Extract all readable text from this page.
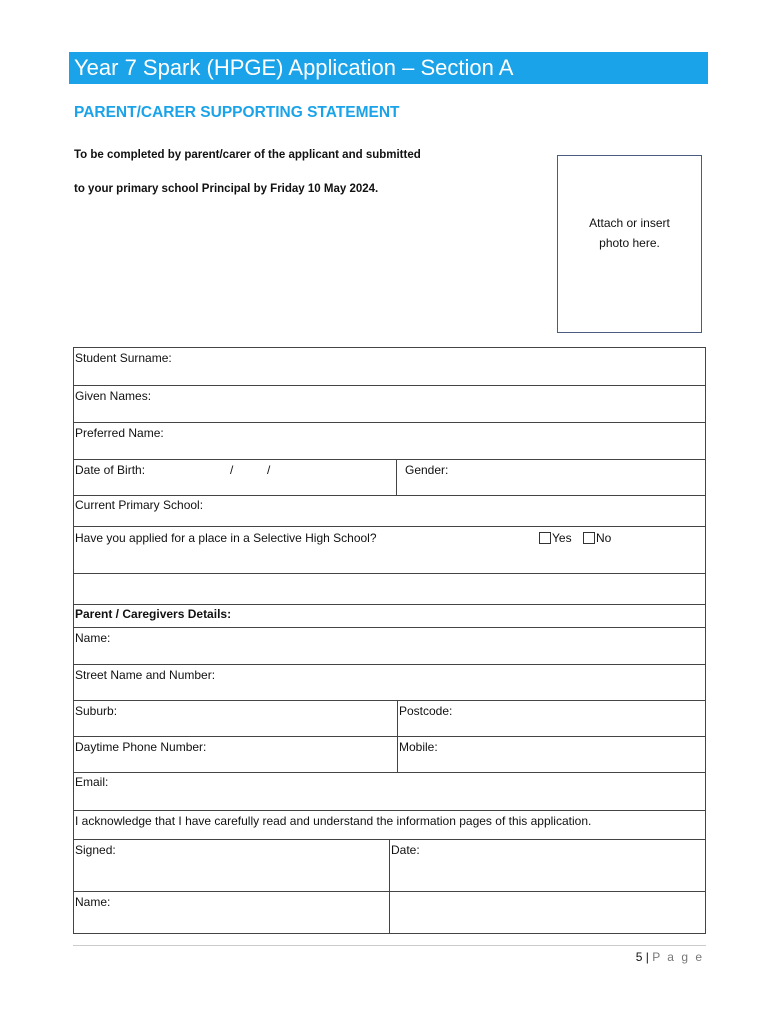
Year 7 Spark (HPGE) Application – Section A
PARENT/CARER SUPPORTING STATEMENT
To be completed by parent/carer of the applicant and submitted
to your primary school Principal by Friday 10 May 2024.
Attach or insert
photo here.
Student Surname:
Given Names:
Preferred Name:
Date of Birth:	/	/	Gender:
Current Primary School:
Have you applied for a place in a Selective High School?	Yes	No
Parent / Caregivers Details:
Name:
Street Name and Number:
Suburb:	Postcode:
Daytime Phone Number:	Mobile:
Email:
I acknowledge that I have carefully read and understand the information pages of this application.
Signed:	Date:
Name:
5 | P a g e
